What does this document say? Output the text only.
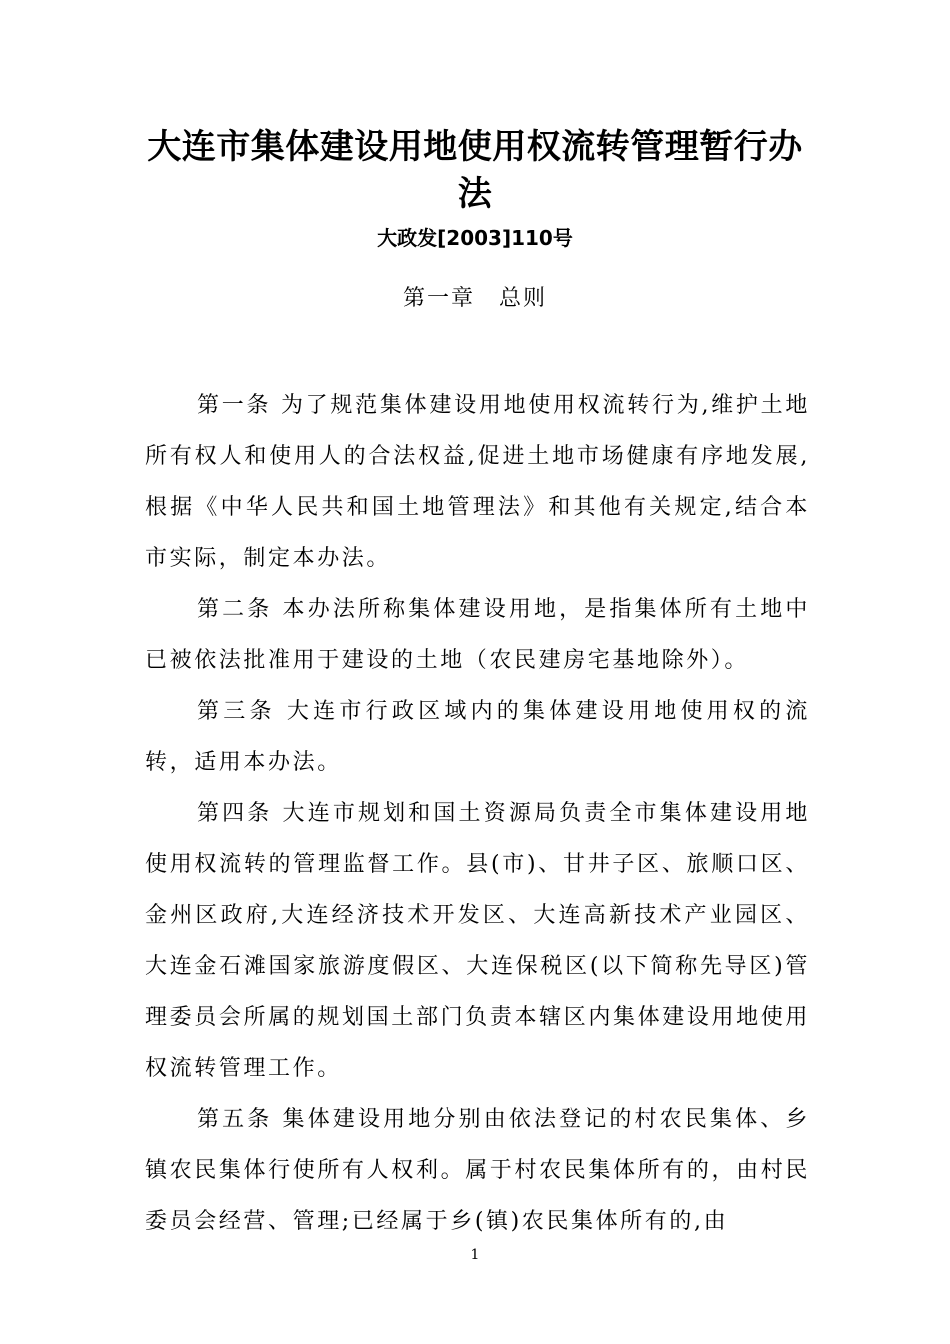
大连市集体建设用地使用权流转管理暂行办法
大政发[2003]110号
第一章　总则

第一条 为了规范集体建设用地使用权流转行为,维护土地所有权人和使用人的合法权益,促进土地市场健康有序地发展,根据《中华人民共和国土地管理法》和其他有关规定,结合本市实际，制定本办法。

第二条 本办法所称集体建设用地，是指集体所有土地中已被依法批准用于建设的土地（农民建房宅基地除外）。

第三条 大连市行政区域内的集体建设用地使用权的流转，适用本办法。

第四条 大连市规划和国土资源局负责全市集体建设用地使用权流转的管理监督工作。县(市)、甘井子区、旅顺口区、金州区政府,大连经济技术开发区、大连高新技术产业园区、大连金石滩国家旅游度假区、大连保税区(以下简称先导区)管理委员会所属的规划国土部门负责本辖区内集体建设用地使用权流转管理工作。

第五条 集体建设用地分别由依法登记的村农民集体、乡镇农民集体行使所有人权利。属于村农民集体所有的，由村民委员会经营、管理;已经属于乡(镇)农民集体所有的,由

1
